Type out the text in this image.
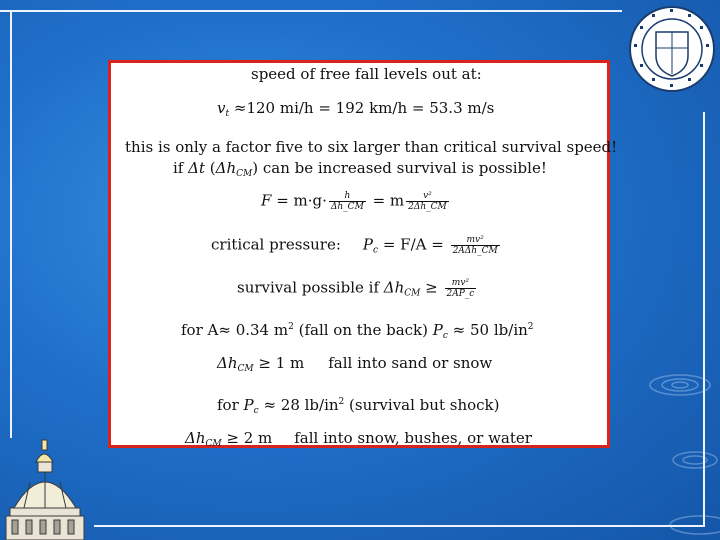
speed of free fall levels out at:
$v_t \approx 120$ mi/h = 192 km/h = 53.3 m/s
this is only a factor five to six larger than critical survival speed!
if Δt $(\Delta h_{CM})$ can be increased survival is possible!
$F = m\cdot g\cdot \frac{h}{\Delta h\_CM} = m \frac{\text{v²}}{2\Delta h\_CM}$
critical pressure: $P_c = F/A = \frac{\text{mv²}}{\text{2AΔh\_CM}}$
survival possible if $\Delta h_{CM} \ge \frac{\text{mv²}}{2AP\_c}$
for A≈ 0.34 $m^2$ (fall on the back) $P_c \approx 50$ $lb/in^2$
$\Delta h_{CM} \ge 1$ m fall into sand or snow
for $P_c \approx 28$ $lb/in^2$ (survival but shock)
$\Delta h_{CM} \ge 2$ m fall into snow, bushes, or water
